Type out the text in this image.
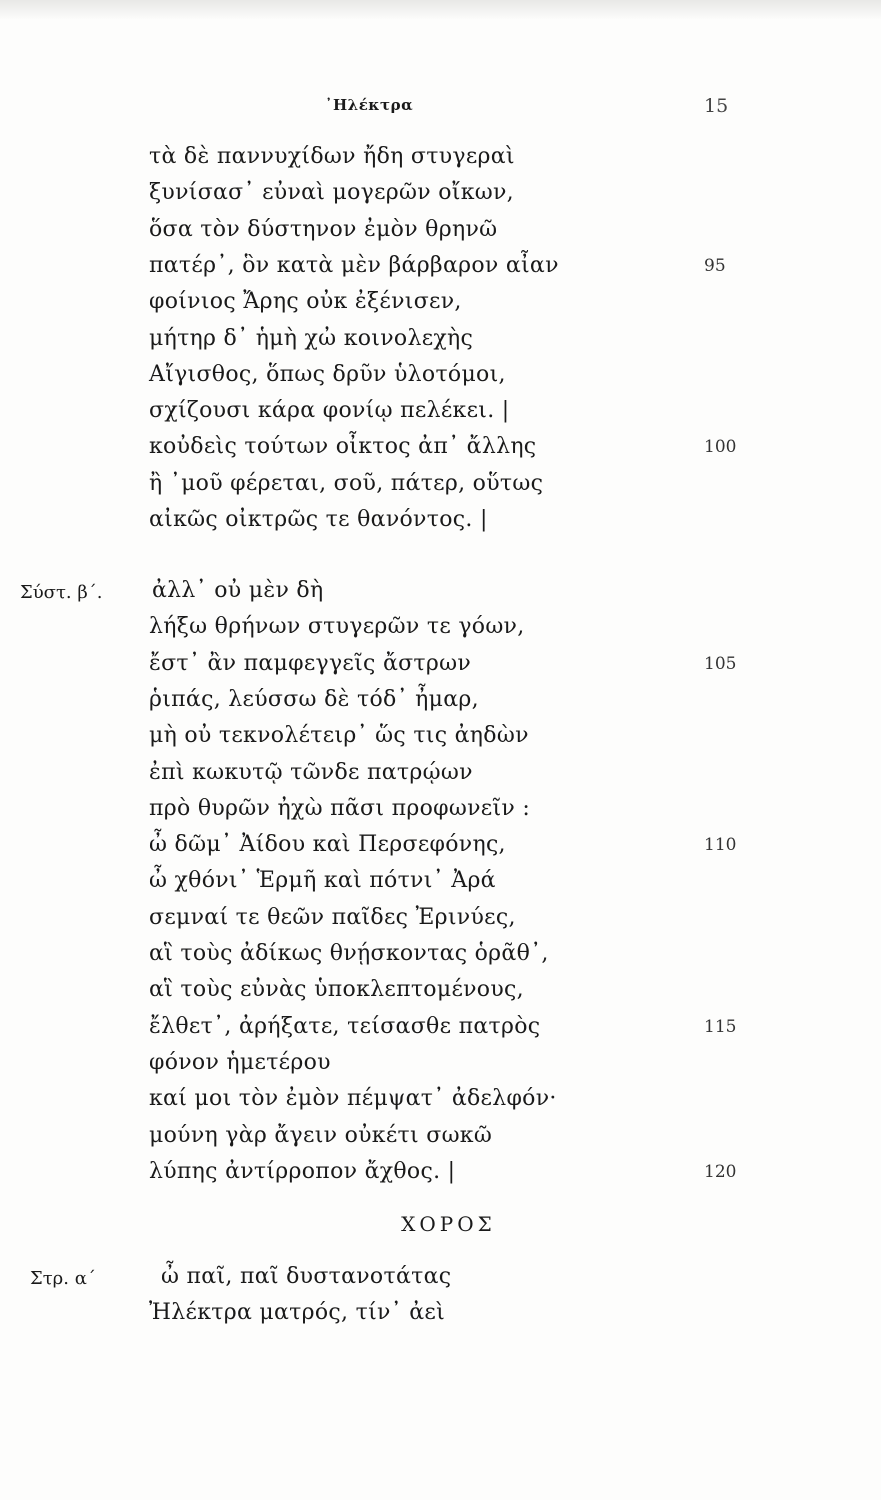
᾿Ηλέκτρα	15
τὰ δὲ παννυχίδων ἤδη στυγεραὶ
ξυνίσασ᾿ εὐναὶ μογερῶν οἴκων,
ὅσα τὸν δύστηνον ἐμὸν θρηνῶ
πατέρ᾿, ὃν κατὰ μὲν βάρβαρον αἶαν	95
φοίνιος Ἄρης οὐκ ἐξένισεν,
μήτηρ δ᾿ ἡμὴ χὠ κοινολεχὴς
Αἴγισθος, ὅπως δρῦν ὑλοτόμοι,
σχίζουσι κάρα φονίῳ πελέκει. |
κοὐδεὶς τούτων οἶκτος ἀπ᾿ ἄλλης	100
ἢ ᾿μοῦ φέρεται, σοῦ, πάτερ, οὕτως
αἰκῶς οἰκτρῶς τε θανόντος. |
ἀλλ᾿ οὐ μὲν δὴ
Σύστ. β΄.
λήξω θρήνων στυγερῶν τε γόων,
ἔστ᾿ ἂν παμφεγγεῖς ἄστρων	105
ῥιπάς, λεύσσω δὲ τόδ᾿ ἦμαρ,
μὴ οὐ τεκνολέτειρ᾿ ὥς τις ἀηδὼν
ἐπὶ κωκυτῷ τῶνδε πατρῴων
πρὸ θυρῶν ἠχὼ πᾶσι προφωνεῖν :
ὦ δῶμ᾿ Ἀίδου καὶ Περσεφόνης,	110
ὦ χθόνι᾿ Ἑρμῆ καὶ πότνι᾿ Ἀρά
σεμναί τε θεῶν παῖδες Ἐρινύες,
αἳ τοὺς ἀδίκως θνῄσκοντας ὁρᾶθ᾿,
αἳ τοὺς εὐνὰς ὑποκλεπτομένους,
ἔλθετ᾿, ἀρήξατε, τείσασθε πατρὸς	115
φόνον ἡμετέρου
καί μοι τὸν ἐμὸν πέμψατ᾿ ἀδελφόν·
μούνη γὰρ ἄγειν οὐκέτι σωκῶ
λύπης ἀντίρροπον ἄχθος. |	120
ΧΟΡΟΣ
ὦ παῖ, παῖ δυστανοτάτας
Στρ. α΄
Ἠλέκτρα ματρός, τίν᾿ ἀεὶ
